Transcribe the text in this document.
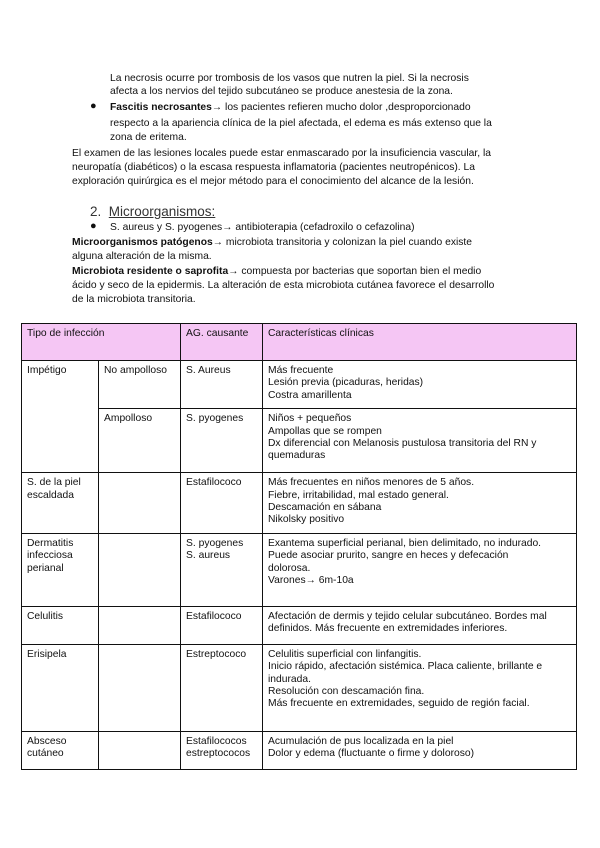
La necrosis ocurre por trombosis de los vasos que nutren la piel. Si la necrosis

afecta a los nervios del tejido subcutáneo se produce anestesia de la zona.

● Fascitis necrosantes→ los pacientes refieren mucho dolor ,desproporcionado

respecto a la apariencia clínica de la piel afectada, el edema es más extenso que la

zona de eritema.

El examen de las lesiones locales puede estar enmascarado por la insuficiencia vascular, la

neuropatía (diabéticos) o la escasa respuesta inflamatoria (pacientes neutropénicos). La

exploración quirúrgica es el mejor método para el conocimiento del alcance de la lesión.

2. Microorganismos:
● S. aureus y S. pyogenes→ antibioterapia (cefadroxilo o cefazolina)

Microorganismos patógenos→ microbiota transitoria y colonizan la piel cuando existe

alguna alteración de la misma.

Microbiota residente o saprofita→ compuesta por bacterias que soportan bien el medio

ácido y seco de la epidermis. La alteración de esta microbiota cutánea favorece el desarrollo

de la microbiota transitoria.

Tipo de infección		AG. causante	Características clínicas
Impétigo	No ampolloso	S. Aureus	Más frecuente
Lesión previa (picaduras, heridas)
Costra amarillenta

	Ampolloso	S. pyogenes	Niños + pequeños
Ampollas que se rompen
Dx diferencial con Melanosis pustulosa transitoria del RN y
quemaduras

S. de la piel escaldada		Estafilococo	Más frecuentes en niños menores de 5 años.
Fiebre, irritabilidad, mal estado general.
Descamación en sábana
Nikolsky positivo

Dermatitis infecciosa perianal		S. pyogenes
S. aureus	Exantema superficial perianal, bien delimitado, no indurado.
Puede asociar prurito, sangre en heces y defecación
dolorosa.
Varones→ 6m-10a

Celulitis		Estafilococo	Afectación de dermis y tejido celular subcutáneo. Bordes mal
definidos. Más frecuente en extremidades inferiores.

Erisipela		Estreptococo	Celulitis superficial con linfangitis.
Inicio rápido, afectación sistémica. Placa caliente, brillante e
indurada.
Resolución con descamación fina.
Más frecuente en extremidades, seguido de región facial.

Absceso cutáneo		Estafilococos
estreptococos	Acumulación de pus localizada en la piel
Dolor y edema (fluctuante o firme y doloroso)
